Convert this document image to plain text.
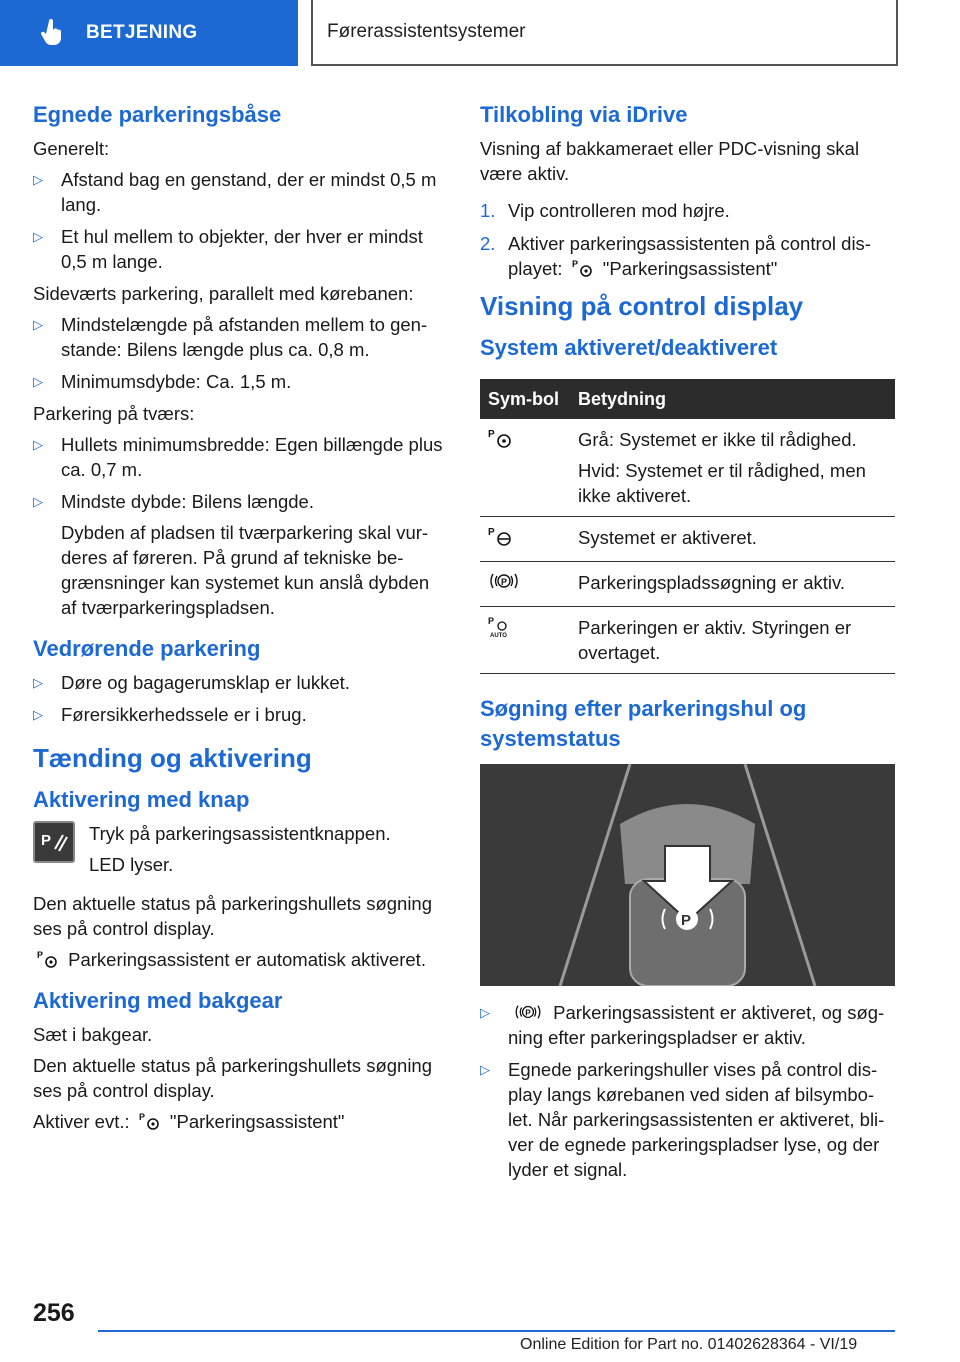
BETJENING	Førerassistentsystemer
Egnede parkeringsbåse

Generelt:

▷ Afstand bag en genstand, der er mindst 0,5 m lang.
▷ Et hul mellem to objekter, der hver er mindst 0,5 m lange.

Sideværts parkering, parallelt med kørebanen:

▷ Mindstelængde på afstanden mellem to gen-stande: Bilens længde plus ca. 0,8 m.
▷ Minimumsdybde: Ca. 1,5 m.

Parkering på tværs:

▷ Hullets minimumsbredde: Egen billængde plus ca. 0,7 m.
▷ Mindste dybde: Bilens længde.
Dybden af pladsen til tværparkering skal vur-deres af føreren. På grund af tekniske be-grænsninger kan systemet kun anslå dybden af tværparkeringspladsen.
Vedrørende parkering
▷ Døre og bagagerumsklap er lukket.
▷ Førersikkerhedssele er i brug.
Tænding og aktivering
Aktivering med knap
P Tryk på parkeringsassistentknappen.

LED lyser.

Den aktuelle status på parkeringshullets søgning ses på control display.

P Parkeringsassistent er automatisk aktiveret.

Aktivering med bakgear

Sæt i bakgear.

Den aktuelle status på parkeringshullets søgning ses på control display.

Aktiver evt.: P "Parkeringsassistent"

Tilkobling via iDrive

Visning af bakkameraet eller PDC-visning skal være aktiv.

1. Vip controlleren mod højre.
2. Aktiver parkeringsassistenten på control dis-playet: P "Parkeringsassistent"
Visning på control display
System aktiveret/deaktiveret
Sym-bol	Betydning

P	Grå: Systemet er ikke til rådighed.
Hvid: Systemet er til rådighed, men ikke aktiveret.

P	Systemet er aktiveret.

P	Parkeringspladssøgning er aktiv.

P
AUTO	Parkeringen er aktiv. Styringen er overtaget.
Søgning efter parkeringshul og systemstatus
P
▷	P Parkeringsassistent er aktiveret, og søg-ning efter parkeringspladser er aktiv.
▷ Egnede parkeringshuller vises på control dis-play langs kørebanen ved siden af bilsymbo-let. Når parkeringsassistenten er aktiveret, bli-ver de egnede parkeringspladser lyse, og der lyder et signal.
256
Online Edition for Part no. 01402628364 - VI/19
